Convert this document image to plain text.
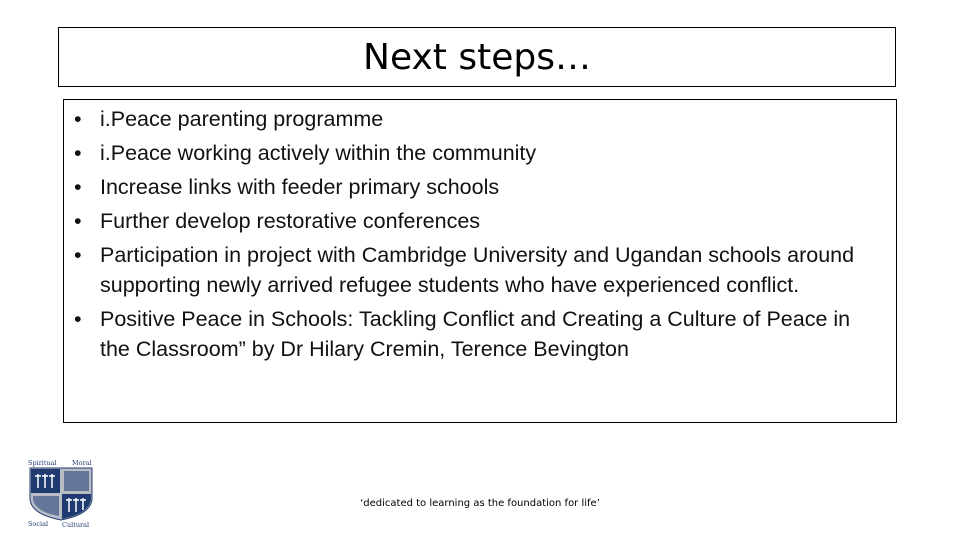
Next steps…
• i.Peace parenting programme
• i.Peace working actively within the community
• Increase links with feeder primary schools
• Further develop restorative conferences
• Participation in project with Cambridge University and Ugandan schools around supporting newly arrived refugee students who have experienced conflict.
• Positive Peace in Schools: Tackling Conflict and Creating a Culture of Peace in the Classroom” by Dr Hilary Cremin, Terence Bevington
Spiritual Moral
Social Cultural
‘dedicated to learning as the foundation for life’
